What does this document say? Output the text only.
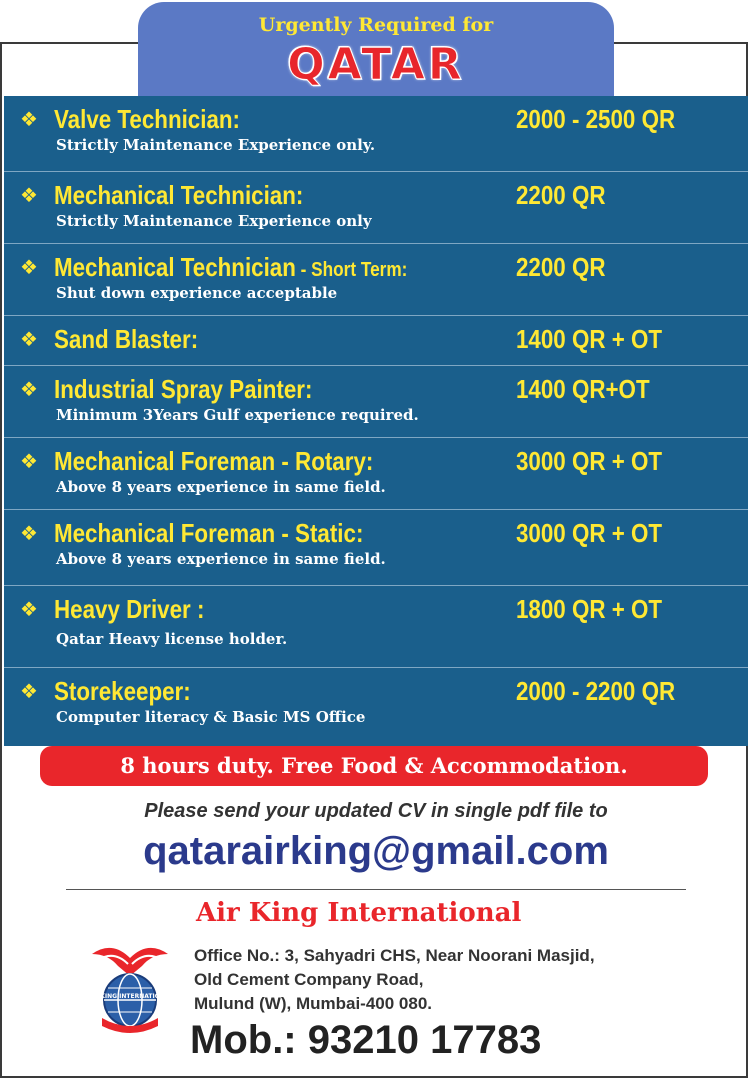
Urgently Required for
QATAR
❖ Valve Technician:	2000 - 2500 QR
Strictly Maintenance Experience only.
❖ Mechanical Technician:	2200 QR
Strictly Maintenance Experience only
❖ Mechanical Technician - Short Term:	2200 QR
Shut down experience acceptable
❖ Sand Blaster:	1400 QR + OT
❖ Industrial Spray Painter:	1400 QR+OT
Minimum 3Years Gulf experience required.
❖ Mechanical Foreman - Rotary:	3000 QR + OT
Above 8 years experience in same field.
❖ Mechanical Foreman - Static:	3000 QR + OT
Above 8 years experience in same field.
❖ Heavy Driver :	1800 QR + OT
Qatar Heavy license holder.
❖ Storekeeper:	2000 - 2200 QR
Computer literacy & Basic MS Office
8 hours duty. Free Food & Accommodation.
Please send your updated CV in single pdf file to
qatarairking@gmail.com
AIR KING INTERNATIONAL
Air King International
Office No.: 3, Sahyadri CHS, Near Noorani Masjid,
Old Cement Company Road,
Mulund (W), Mumbai-400 080.
Mob.: 93210 17783
